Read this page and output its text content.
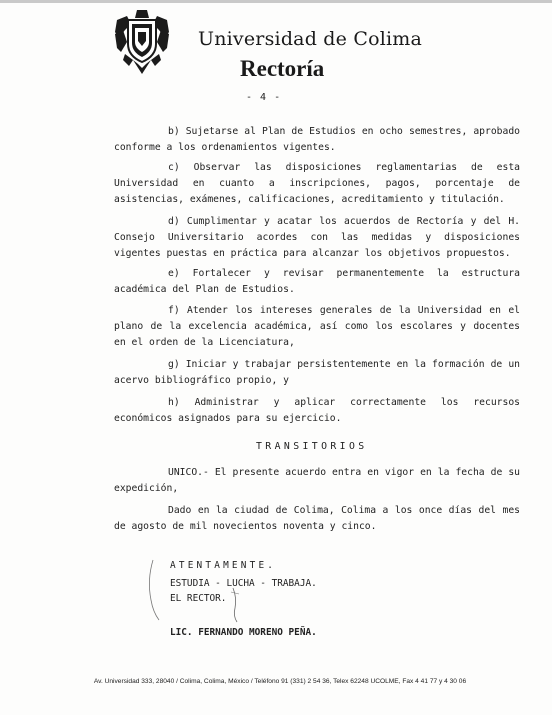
Universidad de Colima
Rectoría
- 4 -

b) Sujetarse al Plan de Estudios en ocho semestres, aprobado conforme a los ordenamientos vigentes.

c) Observar las disposiciones reglamentarias de esta Universidad en cuanto a inscripciones, pagos, porcentaje de asistencias, exámenes, calificaciones, acreditamiento y titulación.

d) Cumplimentar y acatar los acuerdos de Rectoría y del H. Consejo Universitario acordes con las medidas y disposiciones vigentes puestas en práctica para alcanzar los objetivos propuestos.

e) Fortalecer y revisar permanentemente la estructura académica del Plan de Estudios.

f) Atender los intereses generales de la Universidad en el plano de la excelencia académica, así como los escolares y docentes en el orden de la Licenciatura,

g) Iniciar y trabajar persistentemente en la formación de un acervo bibliográfico propio, y

h) Administrar y aplicar correctamente los recursos económicos asignados para su ejercicio.

TRANSITORIOS

UNICO.- El presente acuerdo entra en vigor en la fecha de su expedición,

Dado en la ciudad de Colima, Colima a los once días del mes de agosto de mil novecientos noventa y cinco.

ATENTAMENTE.
ESTUDIA - LUCHA - TRABAJA.
EL RECTOR.
LIC. FERNANDO MORENO PEÑA.
Av. Universidad 333, 28040 / Colima, Colima, México / Teléfono 91 (331) 2 54 36, Telex 62248 UCOLME, Fax 4 41 77 y 4 30 06
